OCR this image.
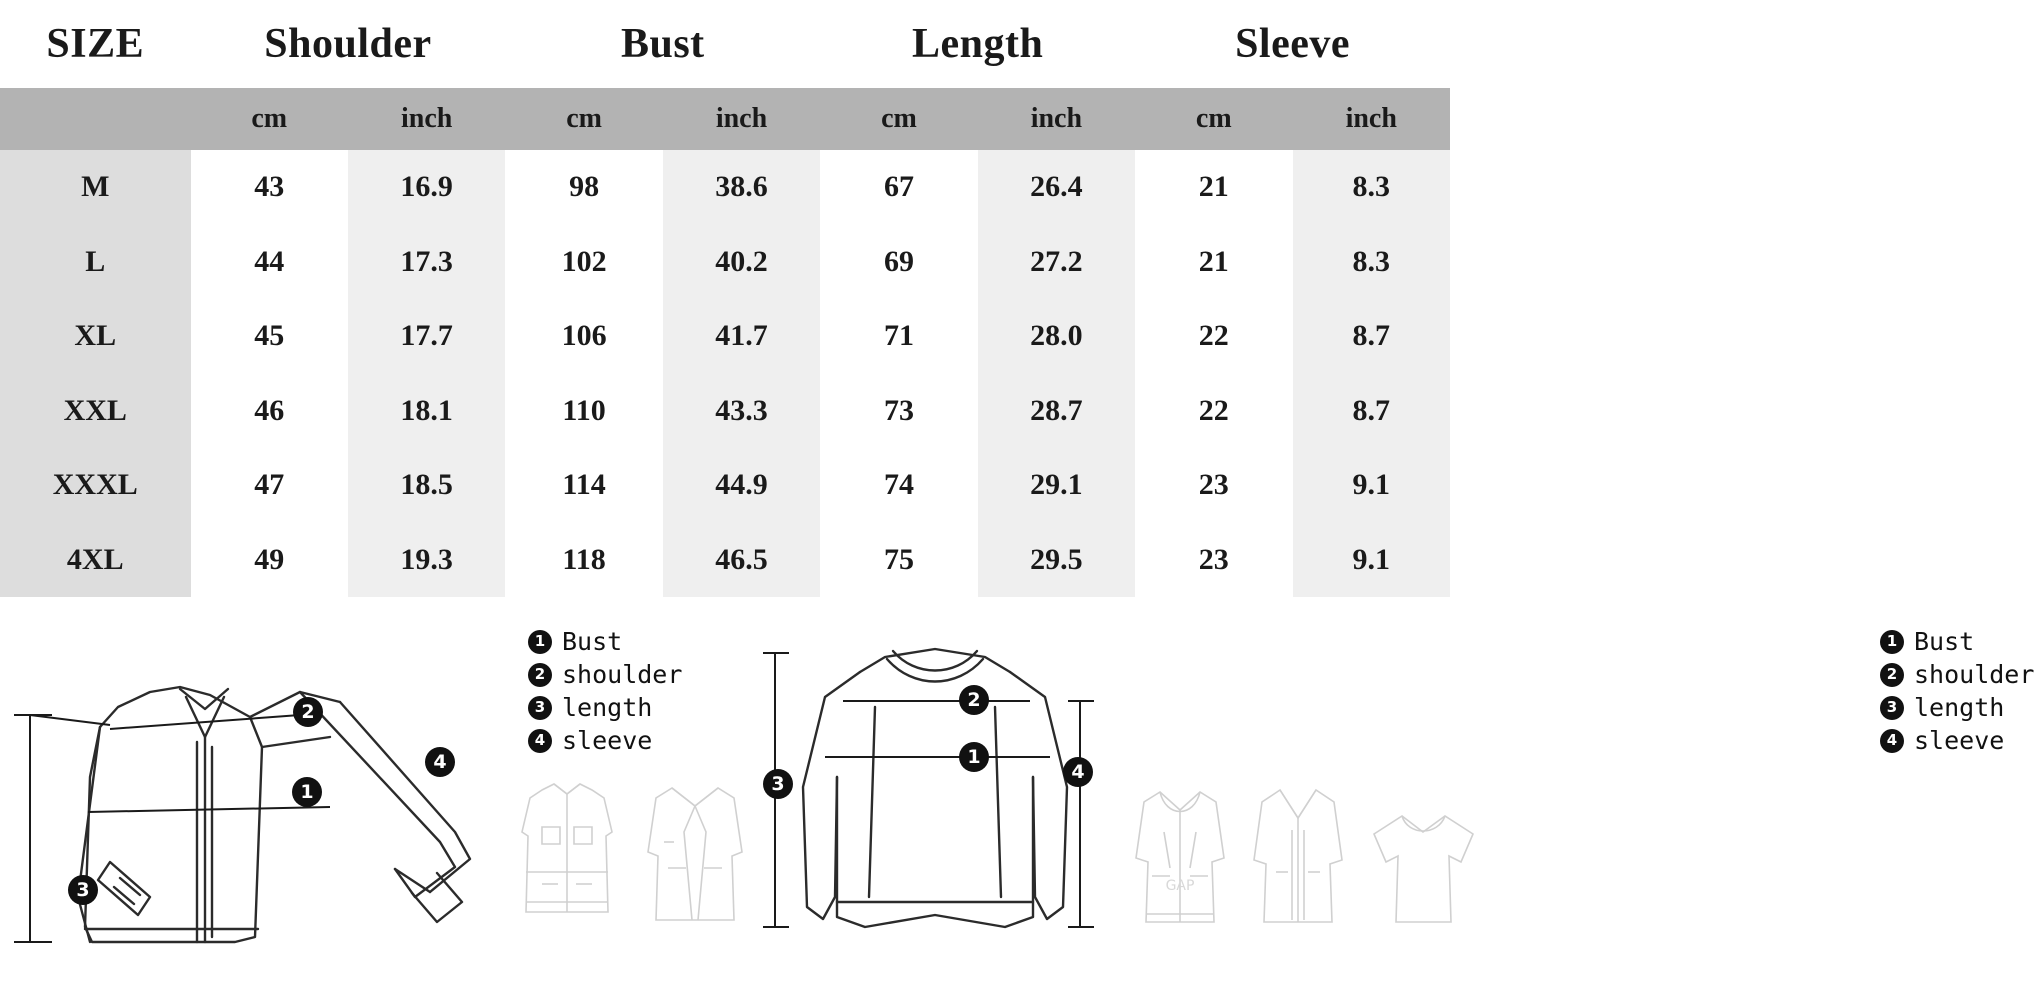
SIZE	Shoulder		Bust		Length		Sleeve	
	cm	inch	cm	inch	cm	inch	cm	inch
M	43	16.9	98	38.6	67	26.4	21	8.3
L	44	17.3	102	40.2	69	27.2	21	8.3
XL	45	17.7	106	41.7	71	28.0	22	8.7
XXL	46	18.1	110	43.3	73	28.7	22	8.7
XXXL	47	18.5	114	44.9	74	29.1	23	9.1
4XL	49	19.3	118	46.5	75	29.5	23	9.1
2
1
3
4
1 Bust
2 shoulder
3 length
4 sleeve
2
1
3
4
1 Bust
2 shoulder
3 length
4 sleeve
GAP
